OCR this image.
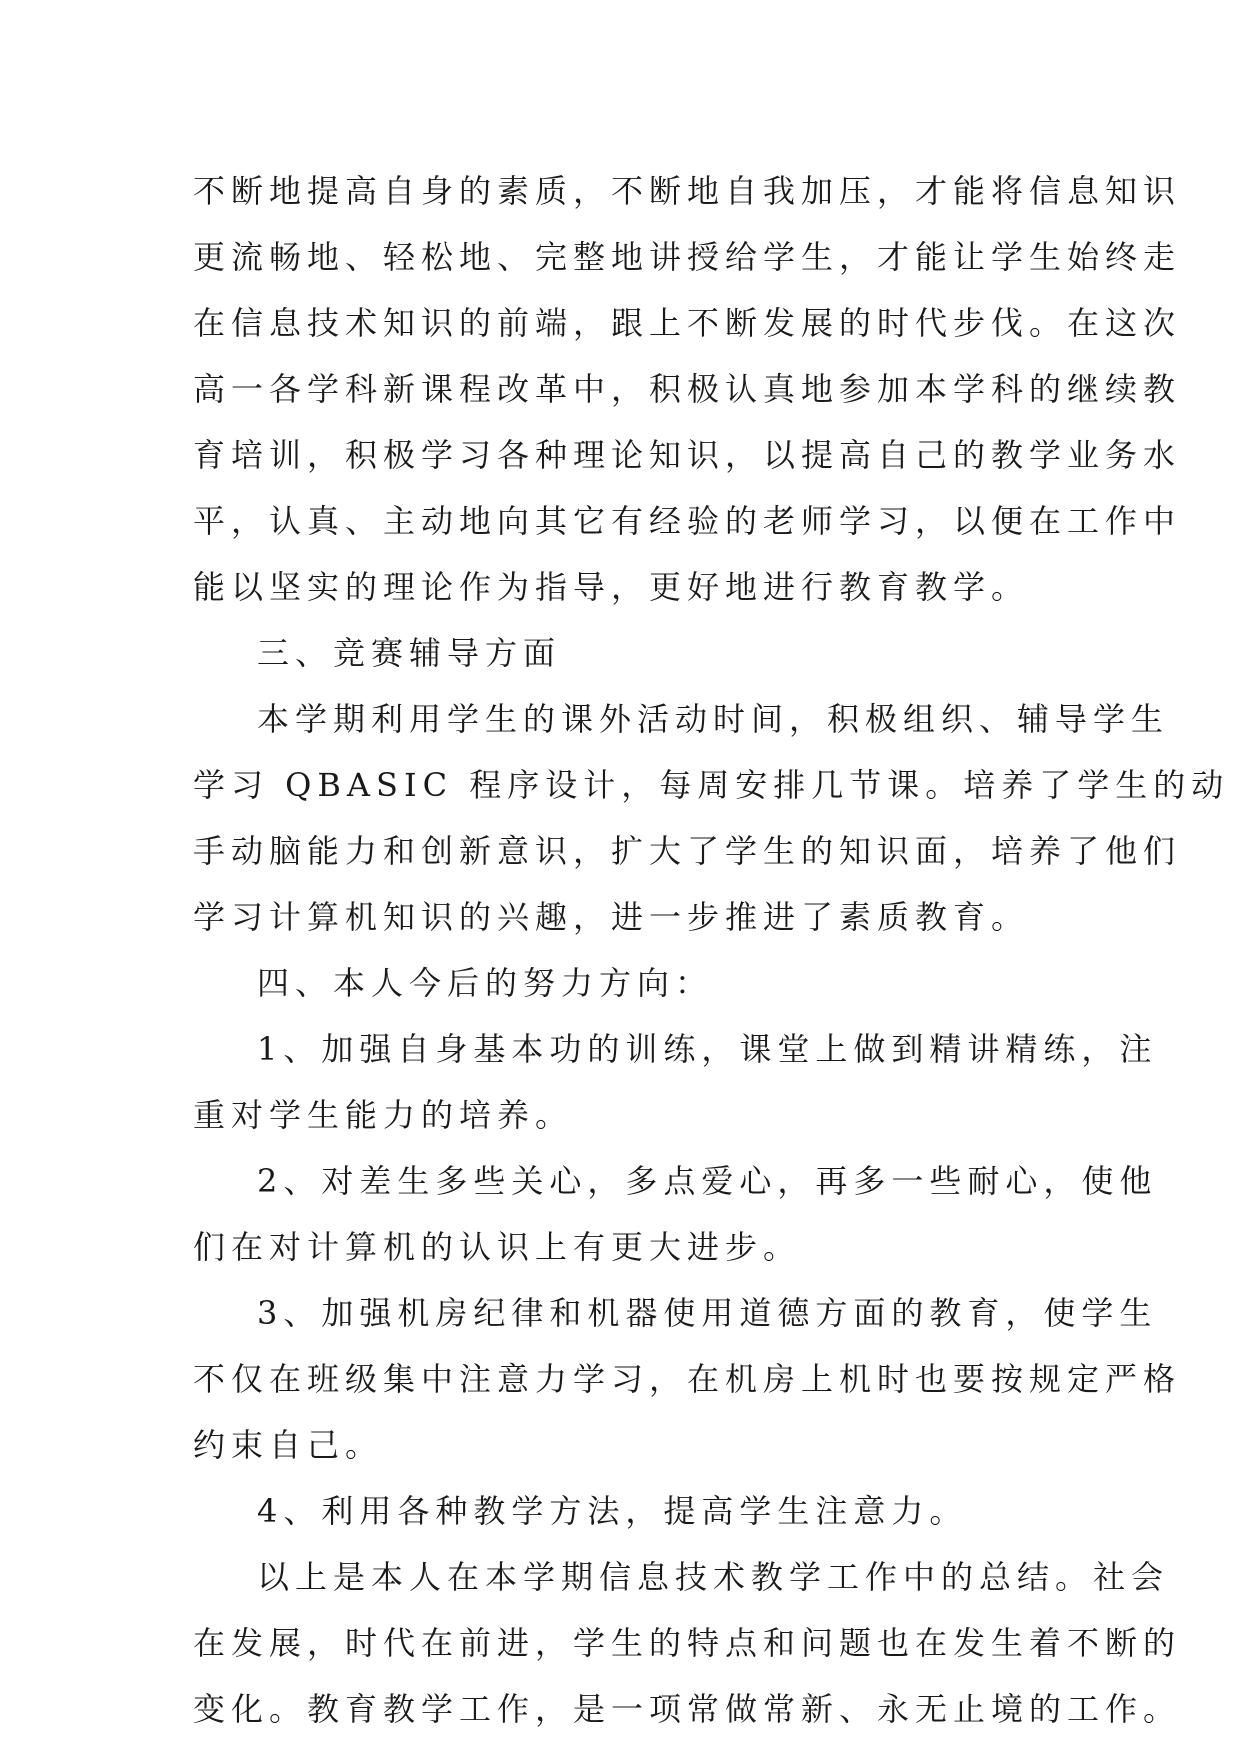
不断地提高自身的素质，不断地自我加压，才能将信息知识
更流畅地、轻松地、完整地讲授给学生，才能让学生始终走
在信息技术知识的前端，跟上不断发展的时代步伐。在这次
高一各学科新课程改革中，积极认真地参加本学科的继续教
育培训，积极学习各种理论知识，以提高自己的教学业务水
平，认真、主动地向其它有经验的老师学习，以便在工作中
能以坚实的理论作为指导，更好地进行教育教学。
三、竞赛辅导方面
本学期利用学生的课外活动时间，积极组织、辅导学生
学习 QBASIC 程序设计，每周安排几节课。培养了学生的动
手动脑能力和创新意识，扩大了学生的知识面，培养了他们
学习计算机知识的兴趣，进一步推进了素质教育。
四、本人今后的努力方向：
1、加强自身基本功的训练，课堂上做到精讲精练，注
重对学生能力的培养。
2、对差生多些关心，多点爱心，再多一些耐心，使他
们在对计算机的认识上有更大进步。
3、加强机房纪律和机器使用道德方面的教育，使学生
不仅在班级集中注意力学习，在机房上机时也要按规定严格
约束自己。
4、利用各种教学方法，提高学生注意力。
以上是本人在本学期信息技术教学工作中的总结。社会
在发展，时代在前进，学生的特点和问题也在发生着不断的
变化。教育教学工作，是一项常做常新、永无止境的工作。
